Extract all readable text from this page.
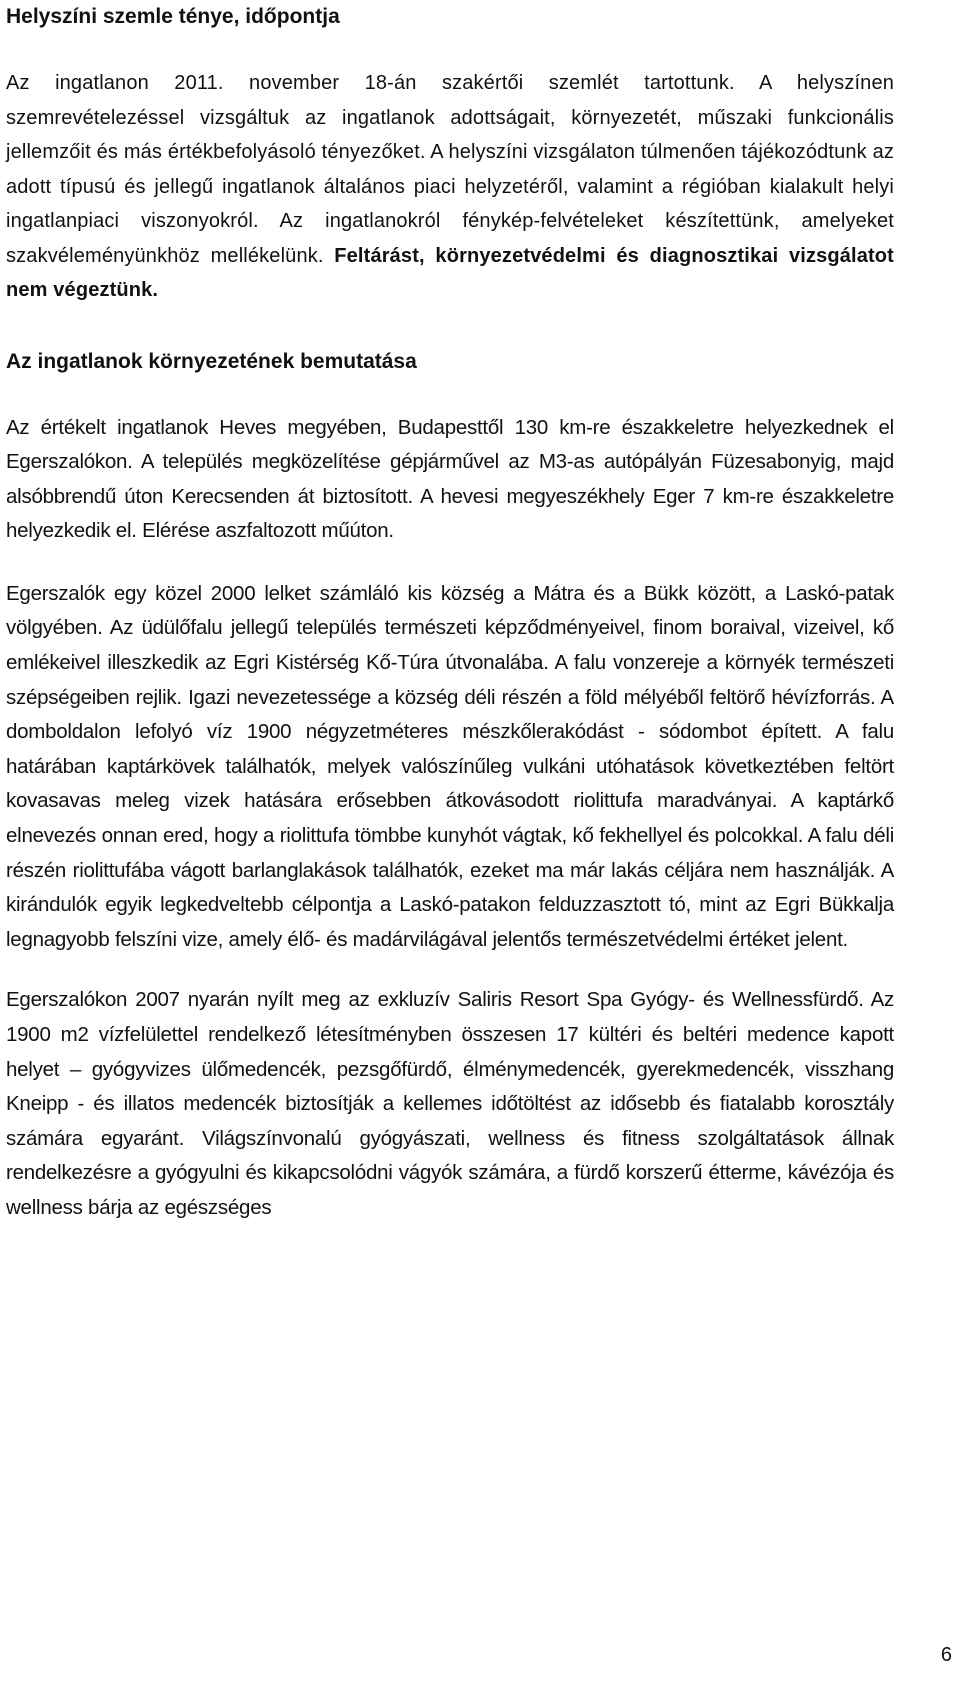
Helyszíni szemle ténye, időpontja

Az ingatlanon 2011. november 18-án szakértői szemlét tartottunk. A helyszínen szemrevételezéssel vizsgáltuk az ingatlanok adottságait, környezetét, műszaki funkcionális jellemzőit és más értékbefolyásoló tényezőket. A helyszíni vizsgálaton túlmenően tájékozódtunk az adott típusú és jellegű ingatlanok általános piaci helyzetéről, valamint a régióban kialakult helyi ingatlanpiaci viszonyokról. Az ingatlanokról fénykép-felvételeket készítettünk, amelyeket szakvéleményünkhöz mellékelünk. Feltárást, környezetvédelmi és diagnosztikai vizsgálatot nem végeztünk.

Az ingatlanok környezetének bemutatása

Az értékelt ingatlanok Heves megyében, Budapesttől 130 km-re északkeletre helyezkednek el Egerszalókon. A település megközelítése gépjárművel az M3-as autópályán Füzesabonyig, majd alsóbbrendű úton Kerecsenden át biztosított. A hevesi megyeszékhely Eger 7 km-re északkeletre helyezkedik el. Elérése aszfaltozott műúton.

Egerszalók egy közel 2000 lelket számláló kis község a Mátra és a Bükk között, a Laskó-patak völgyében. Az üdülőfalu jellegű település természeti képződményeivel, finom boraival, vizeivel, kő emlékeivel illeszkedik az Egri Kistérség Kő-Túra útvonalába. A falu vonzereje a környék természeti szépségeiben rejlik. Igazi nevezetessége a község déli részén a föld mélyéből feltörő hévízforrás. A domboldalon lefolyó víz 1900 négyzetméteres mészkőlerakódást - sódombot épített. A falu határában kaptárkövek találhatók, melyek valószínűleg vulkáni utóhatások következtében feltört kovasavas meleg vizek hatására erősebben átkovásodott riolittufa maradványai. A kaptárkő elnevezés onnan ered, hogy a riolittufa tömbbe kunyhót vágtak, kő fekhellyel és polcokkal. A falu déli részén riolittufába vágott barlanglakások találhatók, ezeket ma már lakás céljára nem használják. A kirándulók egyik legkedveltebb célpontja a Laskó-patakon felduzzasztott tó, mint az Egri Bükkalja legnagyobb felszíni vize, amely élő- és madárvilágával jelentős természetvédelmi értéket jelent.

Egerszalókon 2007 nyarán nyílt meg az exkluzív Saliris Resort Spa Gyógy- és Wellnessfürdő. Az 1900 m2 vízfelülettel rendelkező létesítményben összesen 17 kültéri és beltéri medence kapott helyet – gyógyvizes ülőmedencék, pezsgőfürdő, élménymedencék, gyerekmedencék, visszhang Kneipp - és illatos medencék biztosítják a kellemes időtöltést az idősebb és fiatalabb korosztály számára egyaránt. Világszínvonalú gyógyászati, wellness és fitness szolgáltatások állnak rendelkezésre a gyógyulni és kikapcsolódni vágyók számára, a fürdő korszerű étterme, kávézója és wellness bárja az egészséges

6
